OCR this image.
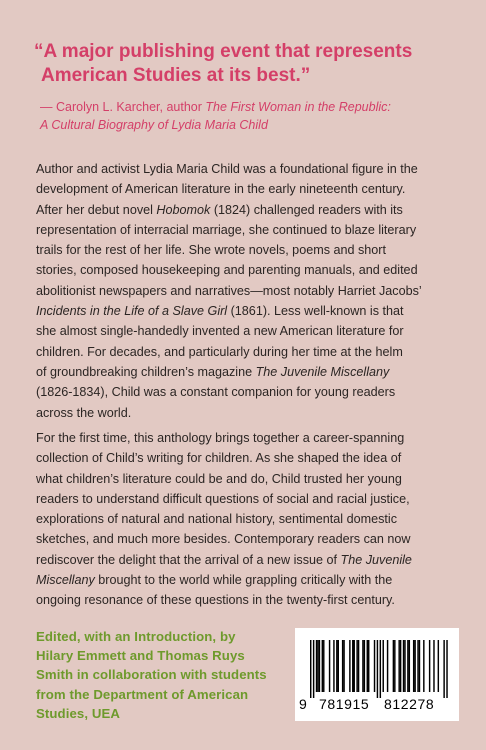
“A major publishing event that represents
American Studies at its best.”

— Carolyn L. Karcher, author The First Woman in the Republic:
A Cultural Biography of Lydia Maria Child
Author and activist Lydia Maria Child was a foundational figure in the
development of American literature in the early nineteenth century.
After her debut novel Hobomok (1824) challenged readers with its
representation of interracial marriage, she continued to blaze literary
trails for the rest of her life. She wrote novels, poems and short
stories, composed housekeeping and parenting manuals, and edited
abolitionist newspapers and narratives—most notably Harriet Jacobs’
Incidents in the Life of a Slave Girl (1861). Less well-known is that
she almost single-handedly invented a new American literature for
children. For decades, and particularly during her time at the helm
of groundbreaking children’s magazine The Juvenile Miscellany
(1826-1834), Child was a constant companion for young readers
across the world.
For the first time, this anthology brings together a career-spanning
collection of Child’s writing for children. As she shaped the idea of
what children’s literature could be and do, Child trusted her young
readers to understand difficult questions of social and racial justice,
explorations of natural and national history, sentimental domestic
sketches, and much more besides. Contemporary readers can now
rediscover the delight that the arrival of a new issue of The Juvenile
Miscellany brought to the world while grappling critically with the
ongoing resonance of these questions in the twenty-first century.
Edited, with an Introduction, by
Hilary Emmett and Thomas Ruys
Smith in collaboration with students
from the Department of American
Studies, UEA
9 781915 812278
